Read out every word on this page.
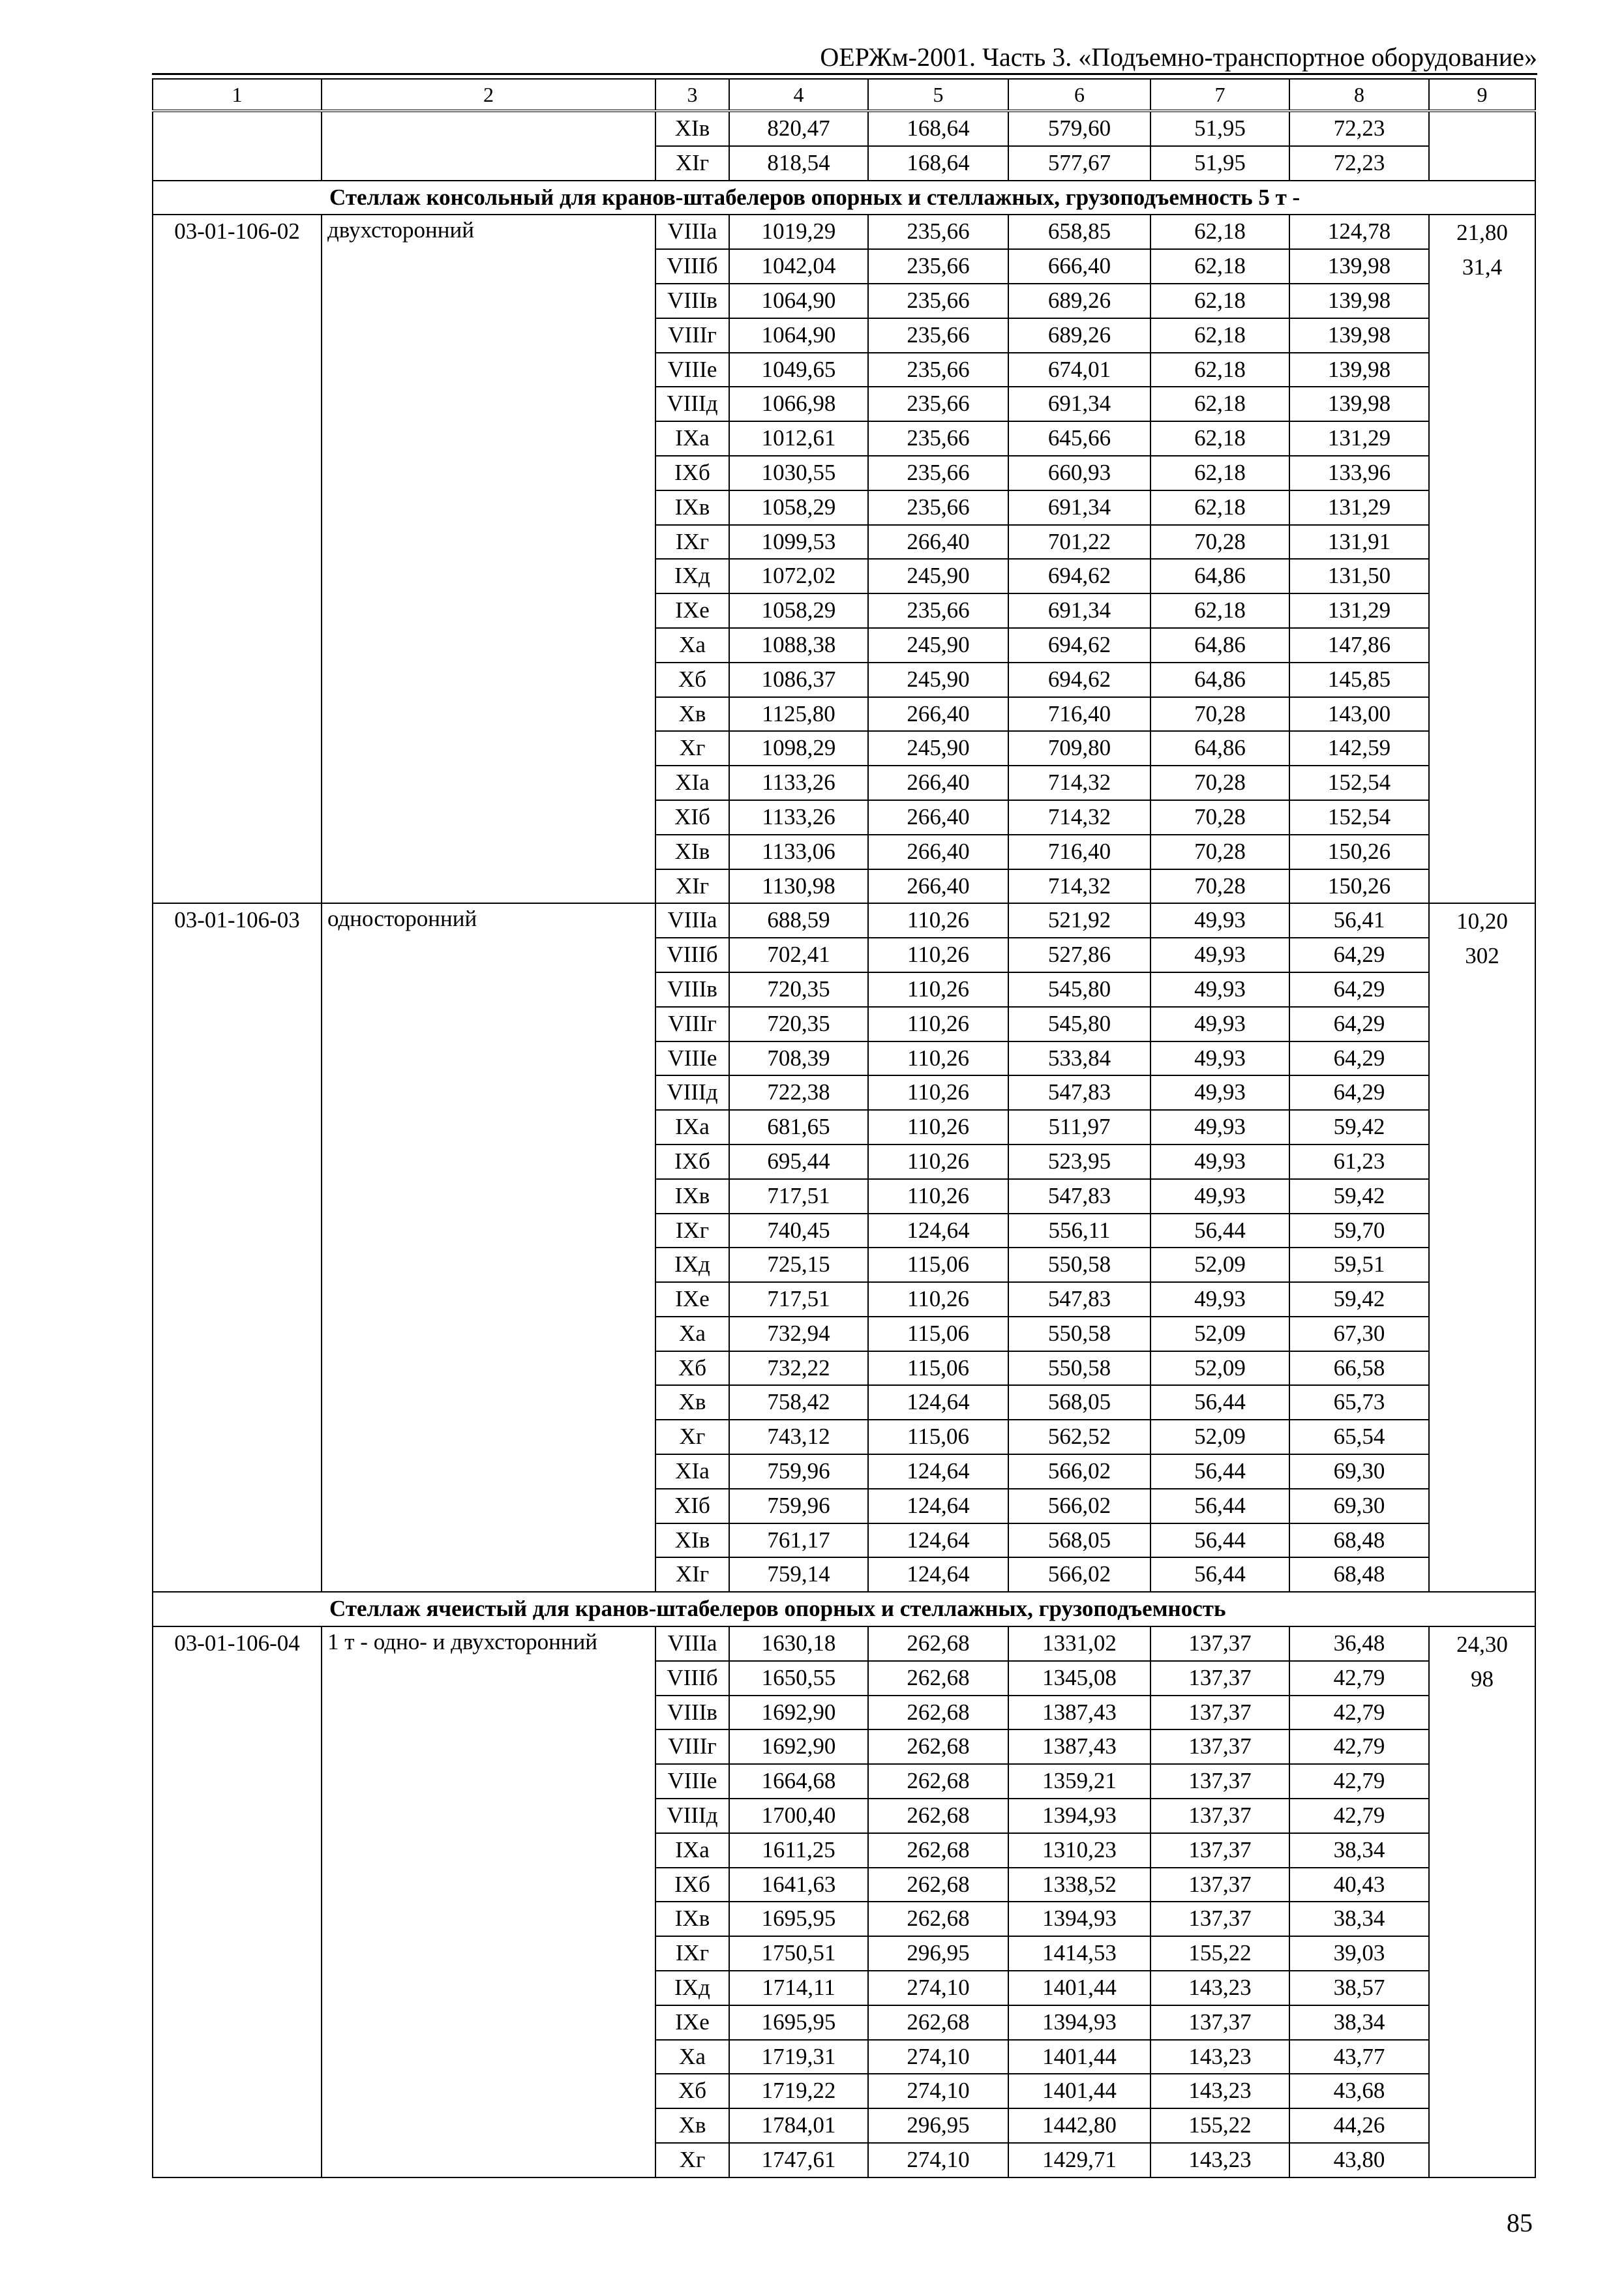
ОЕРЖм-2001. Часть 3. «Подъемно-транспортное оборудование»
1	2	3	4	5	6	7	8	9
		XIв	820,47	168,64	579,60	51,95	72,23	
		XIг	818,54	168,64	577,67	51,95	72,23	
Стеллаж консольный для кранов-штабелеров опорных и стеллажных, грузоподъемность 5 т -								
03-01-106-02	двухсторонний	VIIIа	1019,29	235,66	658,85	62,18	124,78	21,80
31,4

		VIIIб	1042,04	235,66	666,40	62,18	139,98	
		VIIIв	1064,90	235,66	689,26	62,18	139,98	
		VIIIг	1064,90	235,66	689,26	62,18	139,98	
		VIIIе	1049,65	235,66	674,01	62,18	139,98	
		VIIIд	1066,98	235,66	691,34	62,18	139,98	
		IXа	1012,61	235,66	645,66	62,18	131,29	
		IXб	1030,55	235,66	660,93	62,18	133,96	
		IXв	1058,29	235,66	691,34	62,18	131,29	
		IXг	1099,53	266,40	701,22	70,28	131,91	
		IXд	1072,02	245,90	694,62	64,86	131,50	
		IXе	1058,29	235,66	691,34	62,18	131,29	
		Xа	1088,38	245,90	694,62	64,86	147,86	
		Xб	1086,37	245,90	694,62	64,86	145,85	
		Xв	1125,80	266,40	716,40	70,28	143,00	
		Xг	1098,29	245,90	709,80	64,86	142,59	
		XIа	1133,26	266,40	714,32	70,28	152,54	
		XIб	1133,26	266,40	714,32	70,28	152,54	
		XIв	1133,06	266,40	716,40	70,28	150,26	
		XIг	1130,98	266,40	714,32	70,28	150,26	
03-01-106-03	односторонний	VIIIа	688,59	110,26	521,92	49,93	56,41	10,20
302

		VIIIб	702,41	110,26	527,86	49,93	64,29	
		VIIIв	720,35	110,26	545,80	49,93	64,29	
		VIIIг	720,35	110,26	545,80	49,93	64,29	
		VIIIе	708,39	110,26	533,84	49,93	64,29	
		VIIIд	722,38	110,26	547,83	49,93	64,29	
		IXа	681,65	110,26	511,97	49,93	59,42	
		IXб	695,44	110,26	523,95	49,93	61,23	
		IXв	717,51	110,26	547,83	49,93	59,42	
		IXг	740,45	124,64	556,11	56,44	59,70	
		IXд	725,15	115,06	550,58	52,09	59,51	
		IXе	717,51	110,26	547,83	49,93	59,42	
		Xа	732,94	115,06	550,58	52,09	67,30	
		Xб	732,22	115,06	550,58	52,09	66,58	
		Xв	758,42	124,64	568,05	56,44	65,73	
		Xг	743,12	115,06	562,52	52,09	65,54	
		XIа	759,96	124,64	566,02	56,44	69,30	
		XIб	759,96	124,64	566,02	56,44	69,30	
		XIв	761,17	124,64	568,05	56,44	68,48	
		XIг	759,14	124,64	566,02	56,44	68,48	
Стеллаж ячеистый для кранов-штабелеров опорных и стеллажных, грузоподъемность								
03-01-106-04	1 т - одно- и двухсторонний	VIIIа	1630,18	262,68	1331,02	137,37	36,48	24,30
98

		VIIIб	1650,55	262,68	1345,08	137,37	42,79	
		VIIIв	1692,90	262,68	1387,43	137,37	42,79	
		VIIIг	1692,90	262,68	1387,43	137,37	42,79	
		VIIIе	1664,68	262,68	1359,21	137,37	42,79	
		VIIIд	1700,40	262,68	1394,93	137,37	42,79	
		IXа	1611,25	262,68	1310,23	137,37	38,34	
		IXб	1641,63	262,68	1338,52	137,37	40,43	
		IXв	1695,95	262,68	1394,93	137,37	38,34	
		IXг	1750,51	296,95	1414,53	155,22	39,03	
		IXд	1714,11	274,10	1401,44	143,23	38,57	
		IXе	1695,95	262,68	1394,93	137,37	38,34	
		Xа	1719,31	274,10	1401,44	143,23	43,77	
		Xб	1719,22	274,10	1401,44	143,23	43,68	
		Xв	1784,01	296,95	1442,80	155,22	44,26	
		Xг	1747,61	274,10	1429,71	143,23	43,80	
85
